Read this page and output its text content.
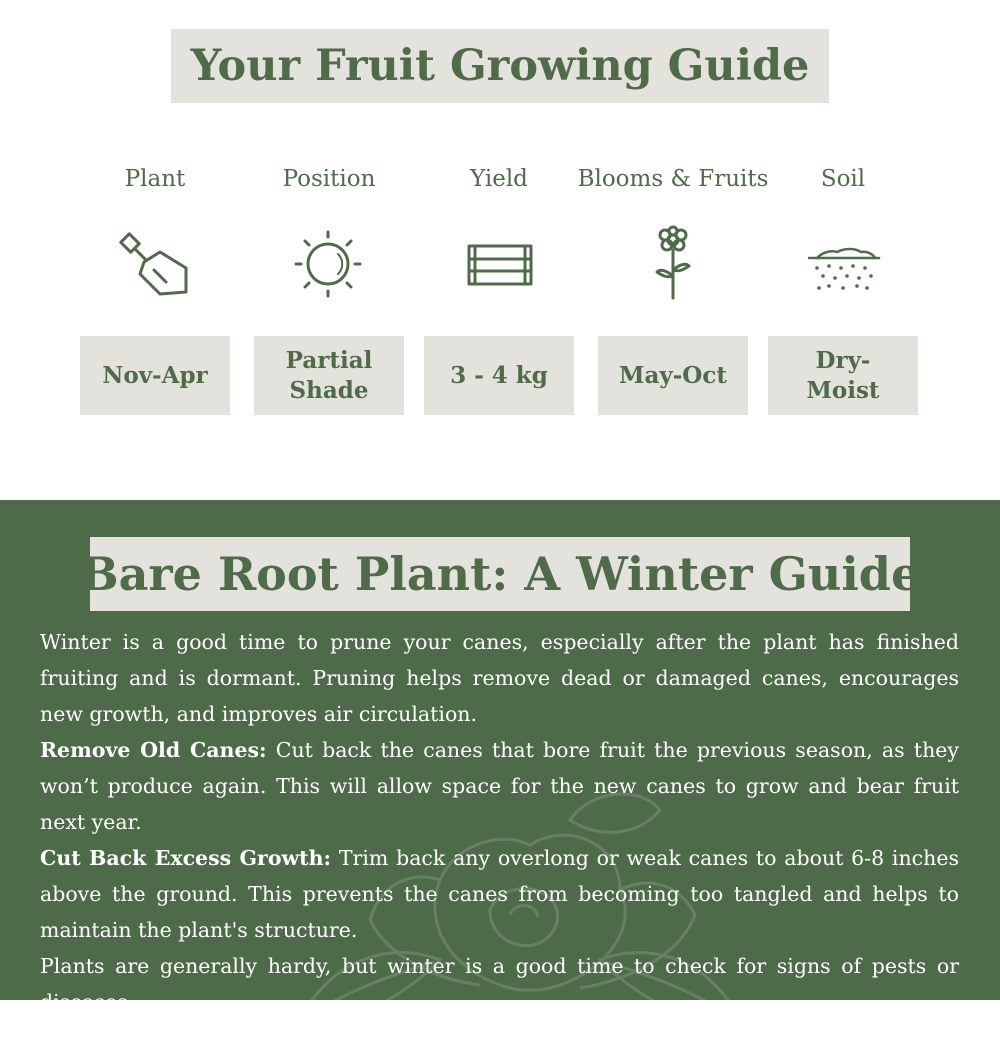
Your Fruit Growing Guide
Plant
Nov-Apr
Position
Partial Shade
Yield
3 - 4 kg
Blooms & Fruits
May-Oct
Soil
Dry-Moist
Bare Root Plant: A Winter Guide

Winter is a good time to prune your canes, especially after the plant has finished fruiting and is dormant. Pruning helps remove dead or damaged canes, encourages new growth, and improves air circulation.

Remove Old Canes: Cut back the canes that bore fruit the previous season, as they won’t produce again. This will allow space for the new canes to grow and bear fruit next year.

Cut Back Excess Growth: Trim back any overlong or weak canes to about 6-8 inches above the ground. This prevents the canes from becoming too tangled and helps to maintain the plant's structure.

Plants are generally hardy, but winter is a good time to check for signs of pests or diseases.
